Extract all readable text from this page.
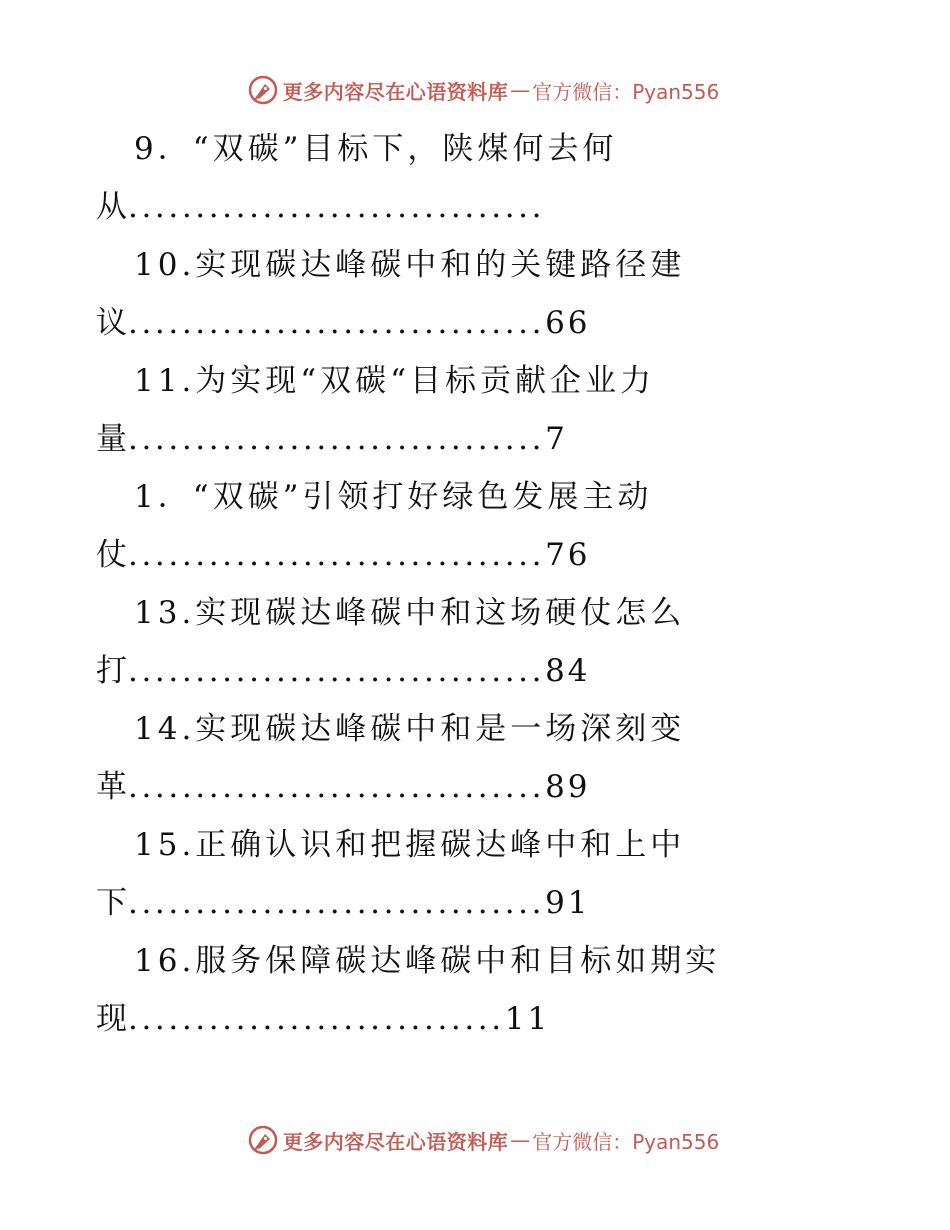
更多内容尽在心语资料库 — 官方微信：Pyan556
9．“双碳”目标下，陕煤何去何
从...............................
10.实现碳达峰碳中和的关键路径建
议...............................66
11.为实现“双碳“目标贡献企业力
量...............................7
1．“双碳”引领打好绿色发展主动
仗...............................76
13.实现碳达峰碳中和这场硬仗怎么
打...............................84
14.实现碳达峰碳中和是一场深刻变
革...............................89
15.正确认识和把握碳达峰中和上中
下...............................91
16.服务保障碳达峰碳中和目标如期实
现............................11
更多内容尽在心语资料库 — 官方微信：Pyan556
